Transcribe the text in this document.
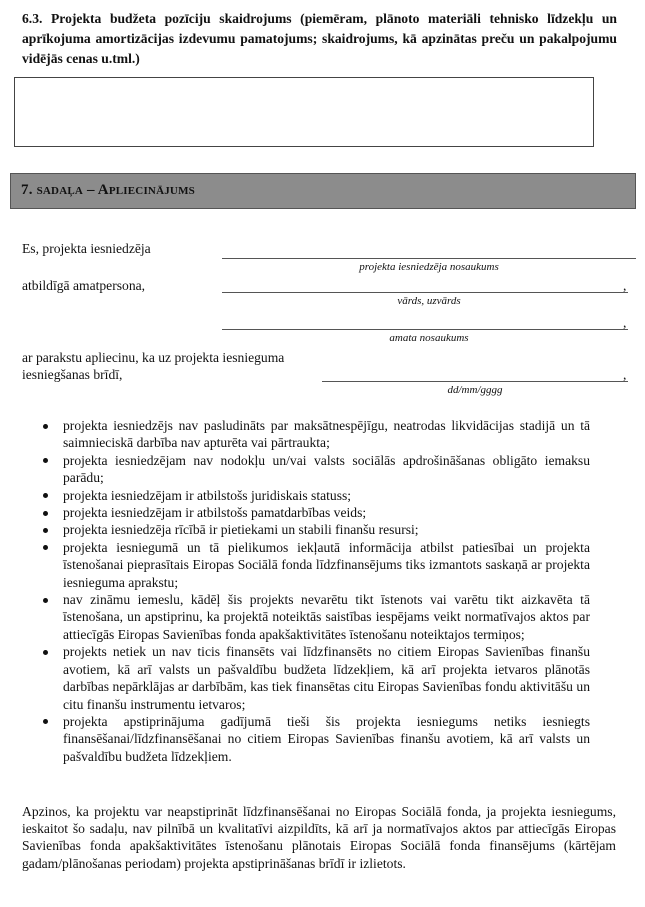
6.3. Projekta budžeta pozīciju skaidrojums (piemēram, plānoto materiāli tehnisko līdzekļu un aprīkojuma amortizācijas izdevumu pamatojums; skaidrojums, kā apzinātas preču un pakalpojumu vidējās cenas u.tml.)
7. sadaļa – Apliecinājums
Es, projekta iesniedzēja
projekta iesniedzēja nosaukums
atbildīgā amatpersona,	,
vārds, uzvārds
,
amata nosaukums
ar parakstu apliecinu, ka uz projekta iesnieguma
iesniegšanas brīdī,	,
dd/mm/gggg
projekta iesniedzējs nav pasludināts par maksātnespējīgu, neatrodas likvidācijas stadijā un tā saimnieciskā darbība nav apturēta vai pārtraukta;
projekta iesniedzējam nav nodokļu un/vai valsts sociālās apdrošināšanas obligāto iemaksu parādu;
projekta iesniedzējam ir atbilstošs juridiskais statuss;
projekta iesniedzējam ir atbilstošs pamatdarbības veids;
projekta iesniedzēja rīcībā ir pietiekami un stabili finanšu resursi;
projekta iesniegumā un tā pielikumos iekļautā informācija atbilst patiesībai un projekta īstenošanai pieprasītais Eiropas Sociālā fonda līdzfinansējums tiks izmantots saskaņā ar projekta iesnieguma aprakstu;
nav zināmu iemeslu, kādēļ šis projekts nevarētu tikt īstenots vai varētu tikt aizkavēta tā īstenošana, un apstiprinu, ka projektā noteiktās saistības iespējams veikt normatīvajos aktos par attiecīgās Eiropas Savienības fonda apakšaktivitātes īstenošanu noteiktajos termiņos;
projekts netiek un nav ticis finansēts vai līdzfinansēts no citiem Eiropas Savienības finanšu avotiem, kā arī valsts un pašvaldību budžeta līdzekļiem, kā arī projekta ietvaros plānotās darbības nepārklājas ar darbībām, kas tiek finansētas citu Eiropas Savienības fondu aktivitāšu un citu finanšu instrumentu ietvaros;
projekta apstiprinājuma gadījumā tieši šis projekta iesniegums netiks iesniegts finansēšanai/līdzfinansēšanai no citiem Eiropas Savienības finanšu avotiem, kā arī valsts un pašvaldību budžeta līdzekļiem.
Apzinos, ka projektu var neapstiprināt līdzfinansēšanai no Eiropas Sociālā fonda, ja projekta iesniegums, ieskaitot šo sadaļu, nav pilnībā un kvalitatīvi aizpildīts, kā arī ja normatīvajos aktos par attiecīgās Eiropas Savienības fonda apakšaktivitātes īstenošanu plānotais Eiropas Sociālā fonda finansējums (kārtējam gadam/plānošanas periodam) projekta apstiprināšanas brīdī ir izlietots.
